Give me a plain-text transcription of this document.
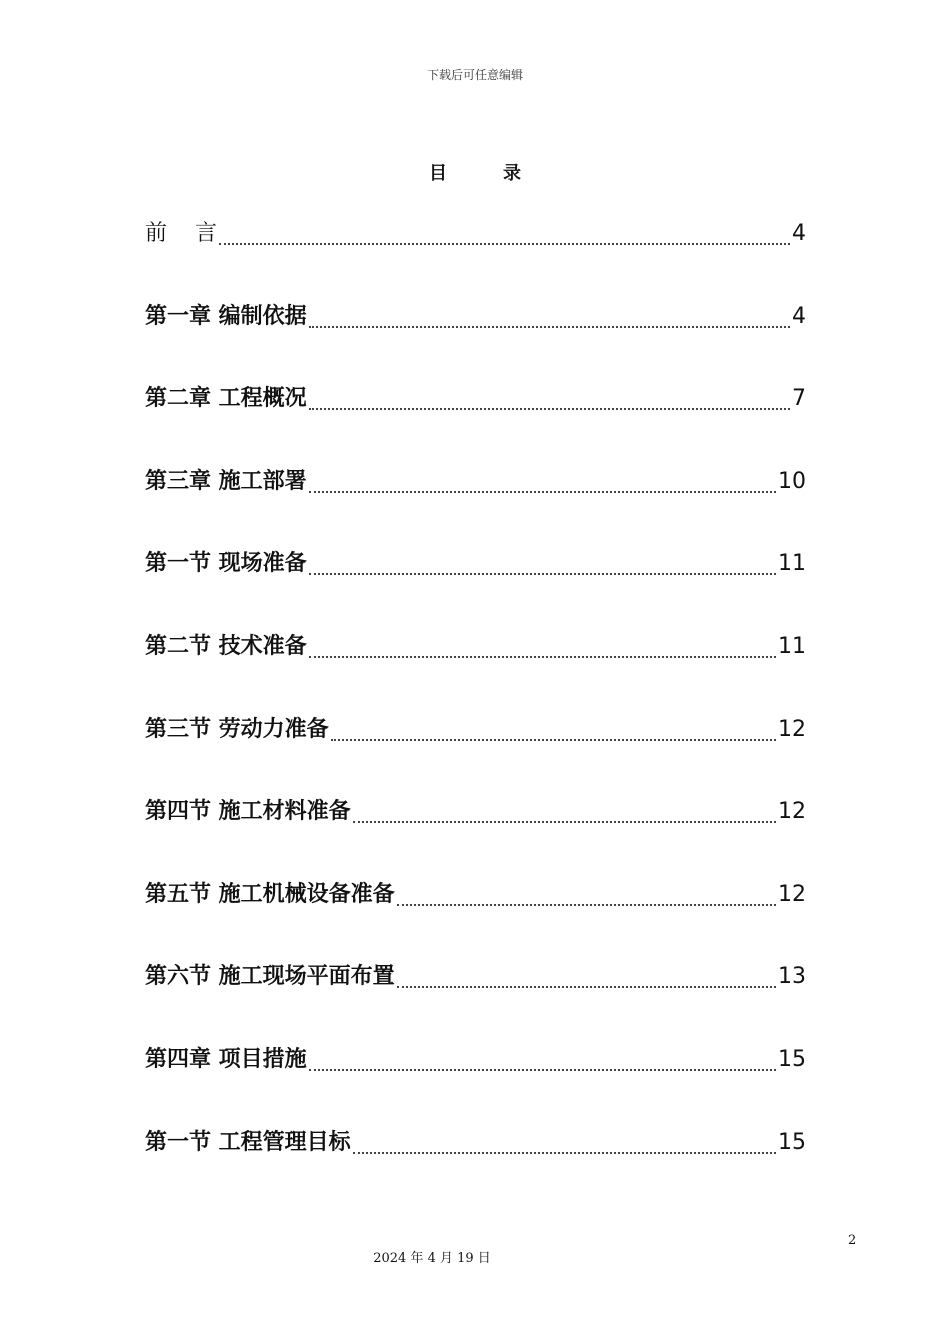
下载后可任意编辑
目	录
前 言	4
第一章 编制依据	4
第二章 工程概况	7
第三章 施工部署	10
第一节 现场准备	11
第二节 技术准备	11
第三节 劳动力准备	12
第四节 施工材料准备	12
第五节 施工机械设备准备	12
第六节 施工现场平面布置	13
第四章 项目措施	15
第一节 工程管理目标	15
2
2024 年 4 月 19 日
